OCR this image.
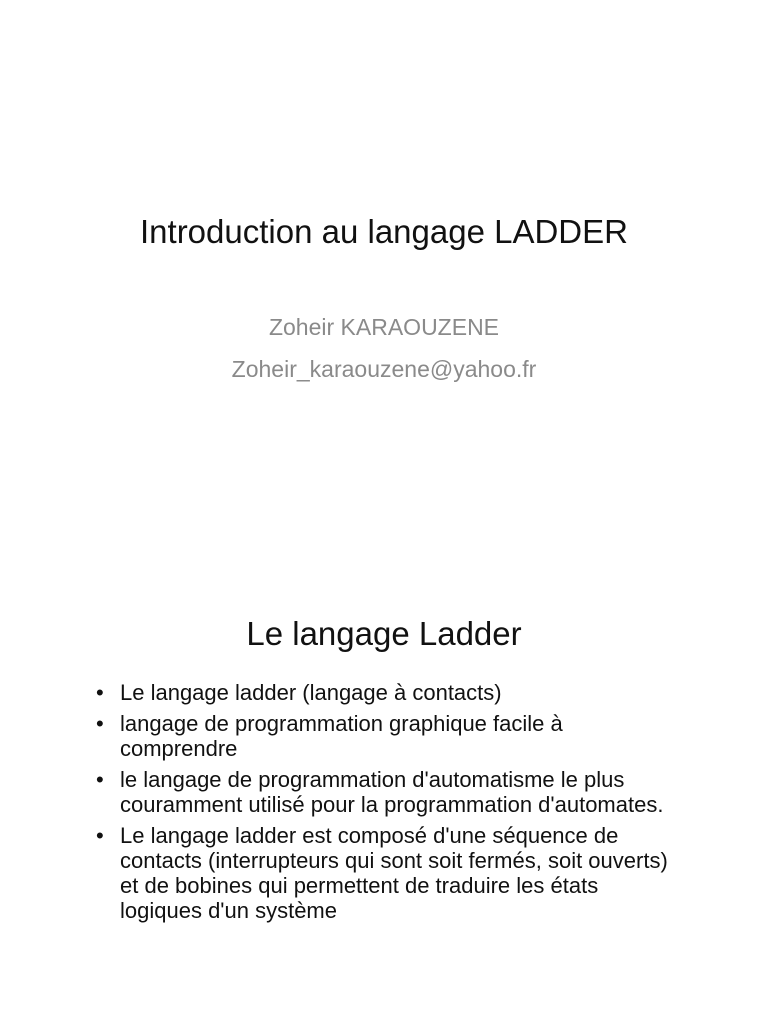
Introduction au langage LADDER
Zoheir KARAOUZENE
Zoheir_karaouzene@yahoo.fr
Le langage Ladder
• Le langage ladder (langage à contacts)
• langage de programmation graphique facile à comprendre
• le langage de programmation d'automatisme le plus couramment utilisé pour la programmation d'automates.
• Le langage ladder est composé d'une séquence de contacts (interrupteurs qui sont soit fermés, soit ouverts) et de bobines qui permettent de traduire les états logiques d'un système
